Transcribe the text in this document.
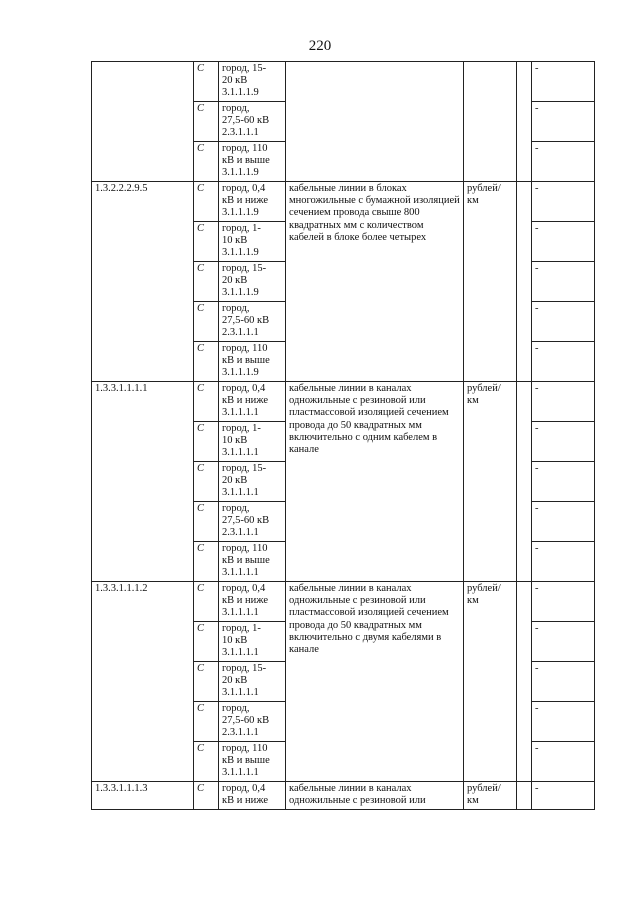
220
	С	город, 15-
20 кВ
3.1.1.1.9				-
	С	город,
27,5-60 кВ
2.3.1.1.1				-
	С	город, 110
кВ и выше
3.1.1.1.9				-
1.3.2.2.2.9.5	С	город, 0,4
кВ и ниже
3.1.1.1.9	кабельные линии в блоках многожильные с бумажной изоляцией сечением провода свыше 800 квадратных мм с количеством кабелей в блоке более четырех	рублей/
км		-
	С	город, 1-
10 кВ
3.1.1.1.9				-
	С	город, 15-
20 кВ
3.1.1.1.9				-
	С	город,
27,5-60 кВ
2.3.1.1.1				-
	С	город, 110
кВ и выше
3.1.1.1.9				-
1.3.3.1.1.1.1	С	город, 0,4
кВ и ниже
3.1.1.1.1	кабельные линии в каналах одножильные с резиновой или пластмассовой изоляцией сечением провода до 50 квадратных мм включительно с одним кабелем в канале	рублей/
км		-
	С	город, 1-
10 кВ
3.1.1.1.1				-
	С	город, 15-
20 кВ
3.1.1.1.1				-
	С	город,
27,5-60 кВ
2.3.1.1.1				-
	С	город, 110
кВ и выше
3.1.1.1.1				-
1.3.3.1.1.1.2	С	город, 0,4
кВ и ниже
3.1.1.1.1	кабельные линии в каналах одножильные с резиновой или пластмассовой изоляцией сечением провода до 50 квадратных мм включительно с двумя кабелями в канале	рублей/
км		-
	С	город, 1-
10 кВ
3.1.1.1.1				-
	С	город, 15-
20 кВ
3.1.1.1.1				-
	С	город,
27,5-60 кВ
2.3.1.1.1				-
	С	город, 110
кВ и выше
3.1.1.1.1				-
1.3.3.1.1.1.3	С	город, 0,4
кВ и ниже	кабельные линии в каналах одножильные с резиновой или	рублей/
км		-
